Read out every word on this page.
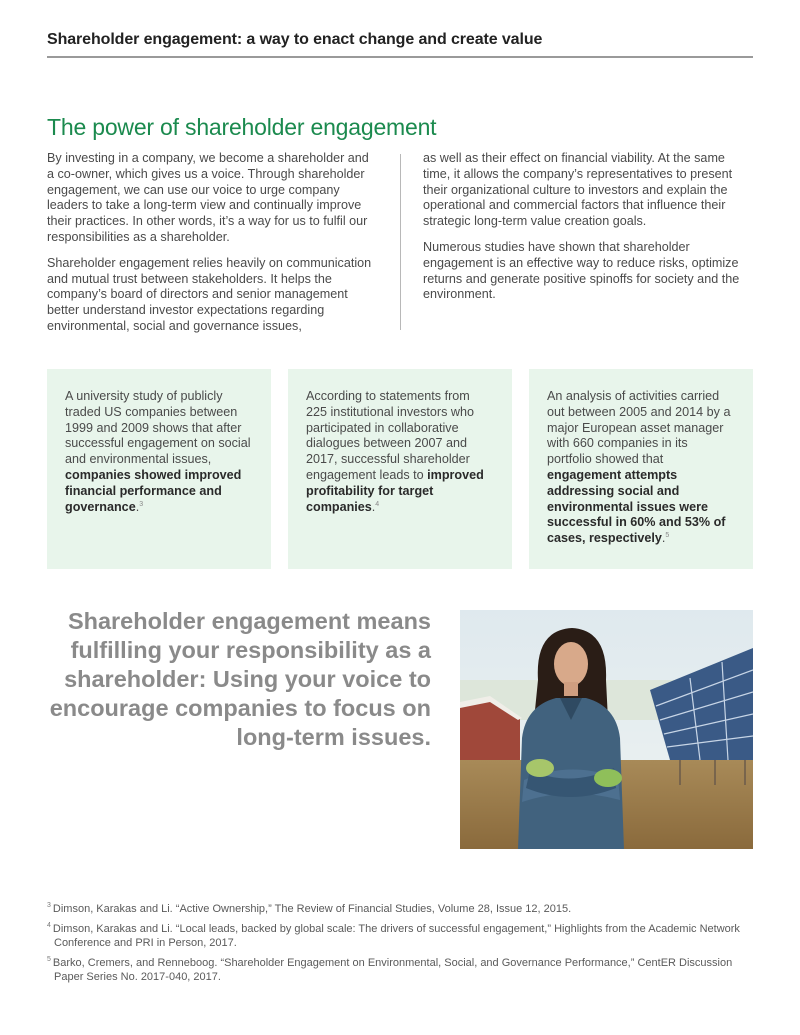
Shareholder engagement: a way to enact change and create value
The power of shareholder engagement

By investing in a company, we become a shareholder and a co-owner, which gives us a voice. Through shareholder engagement, we can use our voice to urge company leaders to take a long-term view and continually improve their practices. In other words, it’s a way for us to fulfil our responsibilities as a shareholder.

Shareholder engagement relies heavily on communication and mutual trust between stakeholders. It helps the company’s board of directors and senior management better understand investor expectations regarding environmental, social and governance issues,

as well as their effect on financial viability. At the same time, it allows the company’s representatives to present their organizational culture to investors and explain the operational and commercial factors that influence their strategic long-term value creation goals.

Numerous studies have shown that shareholder engagement is an effective way to reduce risks, optimize returns and generate positive spinoffs for society and the environment.

A university study of publicly traded US companies between 1999 and 2009 shows that after successful engagement on social and environmental issues, companies showed improved financial performance and governance.$^3$
According to statements from 225 institutional investors who participated in collaborative dialogues between 2007 and 2017, successful shareholder engagement leads to improved profitability for target companies.$^4$
An analysis of activities carried out between 2005 and 2014 by a major European asset manager with 660 companies in its portfolio showed that engagement attempts addressing social and environmental issues were successful in 60% and 53% of cases, respectively.$^5$

Shareholder engagement means fulfilling your responsibility as a shareholder: Using your voice to encourage companies to focus on long-term issues.

$^3$ Dimson, Karakas and Li. “Active Ownership,” The Review of Financial Studies, Volume 28, Issue 12, 2015.
$^4$ Dimson, Karakas and Li. “Local leads, backed by global scale: The drivers of successful engagement,” Highlights from the Academic Network Conference and PRI in Person, 2017.
$^5$ Barko, Cremers, and Renneboog. “Shareholder Engagement on Environmental, Social, and Governance Performance,” CentER Discussion Paper Series No. 2017-040, 2017.
